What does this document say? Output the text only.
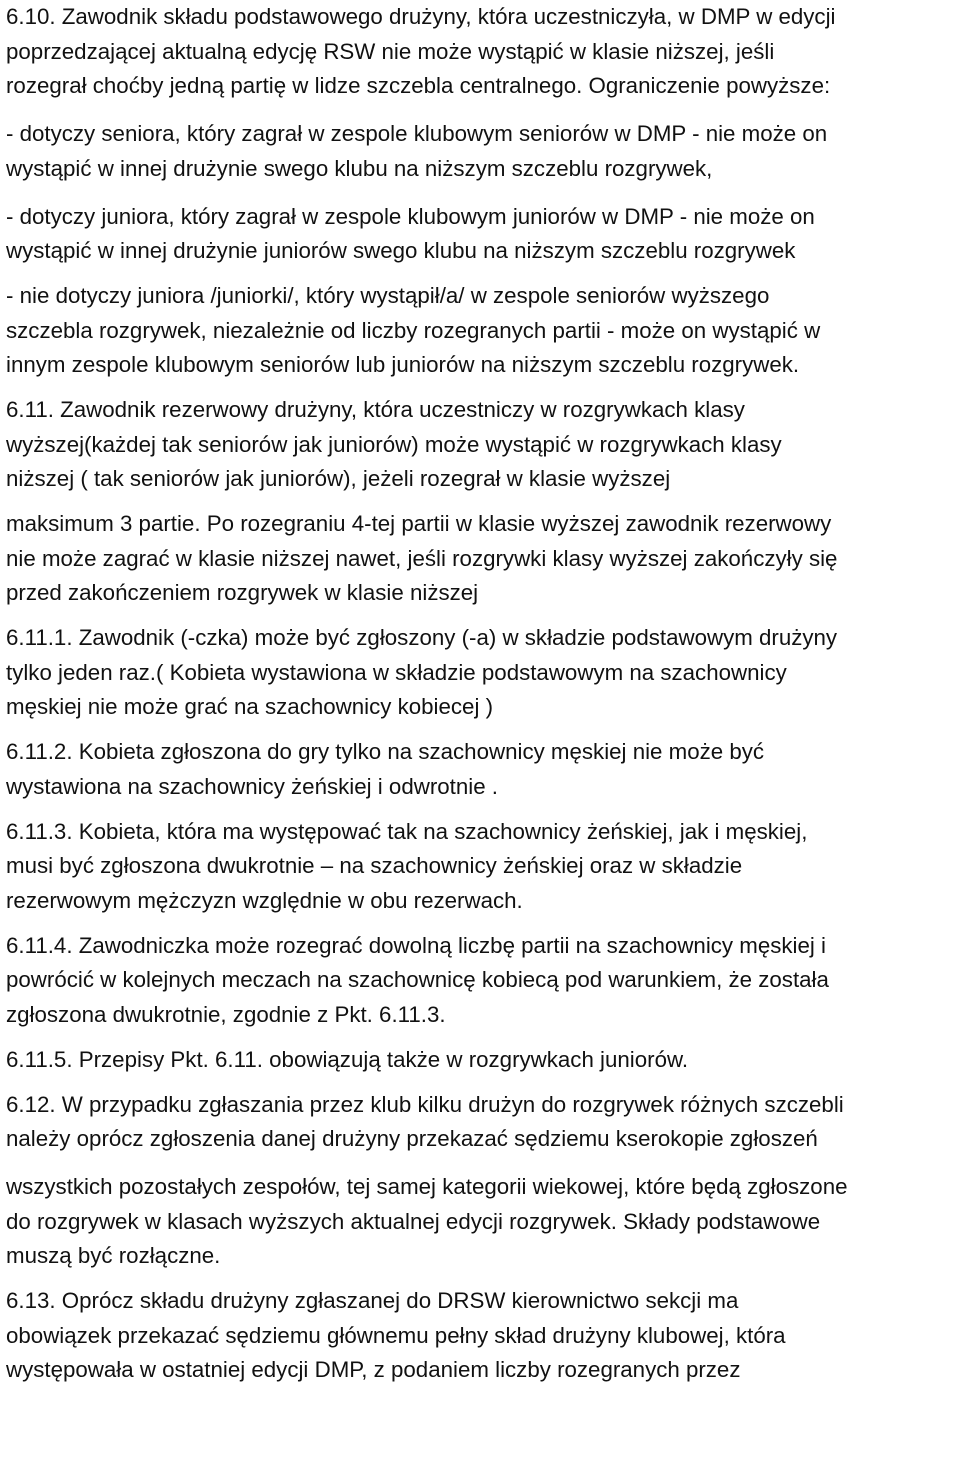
6.10. Zawodnik składu podstawowego drużyny, która uczestniczyła, w DMP w edycji
poprzedzającej aktualną edycję RSW nie może wystąpić w klasie niższej, jeśli
rozegrał choćby jedną partię w lidze szczebla centralnego. Ograniczenie powyższe:
- dotyczy seniora, który zagrał w zespole klubowym seniorów w DMP - nie może on
wystąpić w innej drużynie swego klubu na niższym szczeblu rozgrywek,
- dotyczy juniora, który zagrał w zespole klubowym juniorów w DMP - nie może on
wystąpić w innej drużynie juniorów swego klubu na niższym szczeblu rozgrywek
- nie dotyczy juniora /juniorki/, który wystąpił/a/ w zespole seniorów wyższego
szczebla rozgrywek, niezależnie od liczby rozegranych partii - może on wystąpić w
innym zespole klubowym seniorów lub juniorów na niższym szczeblu rozgrywek.
6.11. Zawodnik rezerwowy drużyny, która uczestniczy w rozgrywkach klasy
wyższej(każdej tak seniorów jak juniorów) może wystąpić w rozgrywkach klasy
niższej ( tak seniorów jak juniorów), jeżeli rozegrał w klasie wyższej
maksimum 3 partie. Po rozegraniu 4-tej partii w klasie wyższej zawodnik rezerwowy
nie może zagrać w klasie niższej nawet, jeśli rozgrywki klasy wyższej zakończyły się
przed zakończeniem rozgrywek w klasie niższej
6.11.1. Zawodnik (-czka) może być zgłoszony (-a) w składzie podstawowym drużyny
tylko jeden raz.( Kobieta wystawiona w składzie podstawowym na szachownicy
męskiej nie może grać na szachownicy kobiecej )
6.11.2. Kobieta zgłoszona do gry tylko na szachownicy męskiej nie może być
wystawiona na szachownicy żeńskiej i odwrotnie .
6.11.3. Kobieta, która ma występować tak na szachownicy żeńskiej, jak i męskiej,
musi być zgłoszona dwukrotnie – na szachownicy żeńskiej oraz w składzie
rezerwowym mężczyzn względnie w obu rezerwach.
6.11.4. Zawodniczka może rozegrać dowolną liczbę partii na szachownicy męskiej i
powrócić w kolejnych meczach na szachownicę kobiecą pod warunkiem, że została
zgłoszona dwukrotnie, zgodnie z Pkt. 6.11.3.
6.11.5. Przepisy Pkt. 6.11. obowiązują także w rozgrywkach juniorów.
6.12. W przypadku zgłaszania przez klub kilku drużyn do rozgrywek różnych szczebli
należy oprócz zgłoszenia danej drużyny przekazać sędziemu kserokopie zgłoszeń
wszystkich pozostałych zespołów, tej samej kategorii wiekowej, które będą zgłoszone
do rozgrywek w klasach wyższych aktualnej edycji rozgrywek. Składy podstawowe
muszą być rozłączne.
6.13. Oprócz składu drużyny zgłaszanej do DRSW kierownictwo sekcji ma
obowiązek przekazać sędziemu głównemu pełny skład drużyny klubowej, która
występowała w ostatniej edycji DMP, z podaniem liczby rozegranych przez
